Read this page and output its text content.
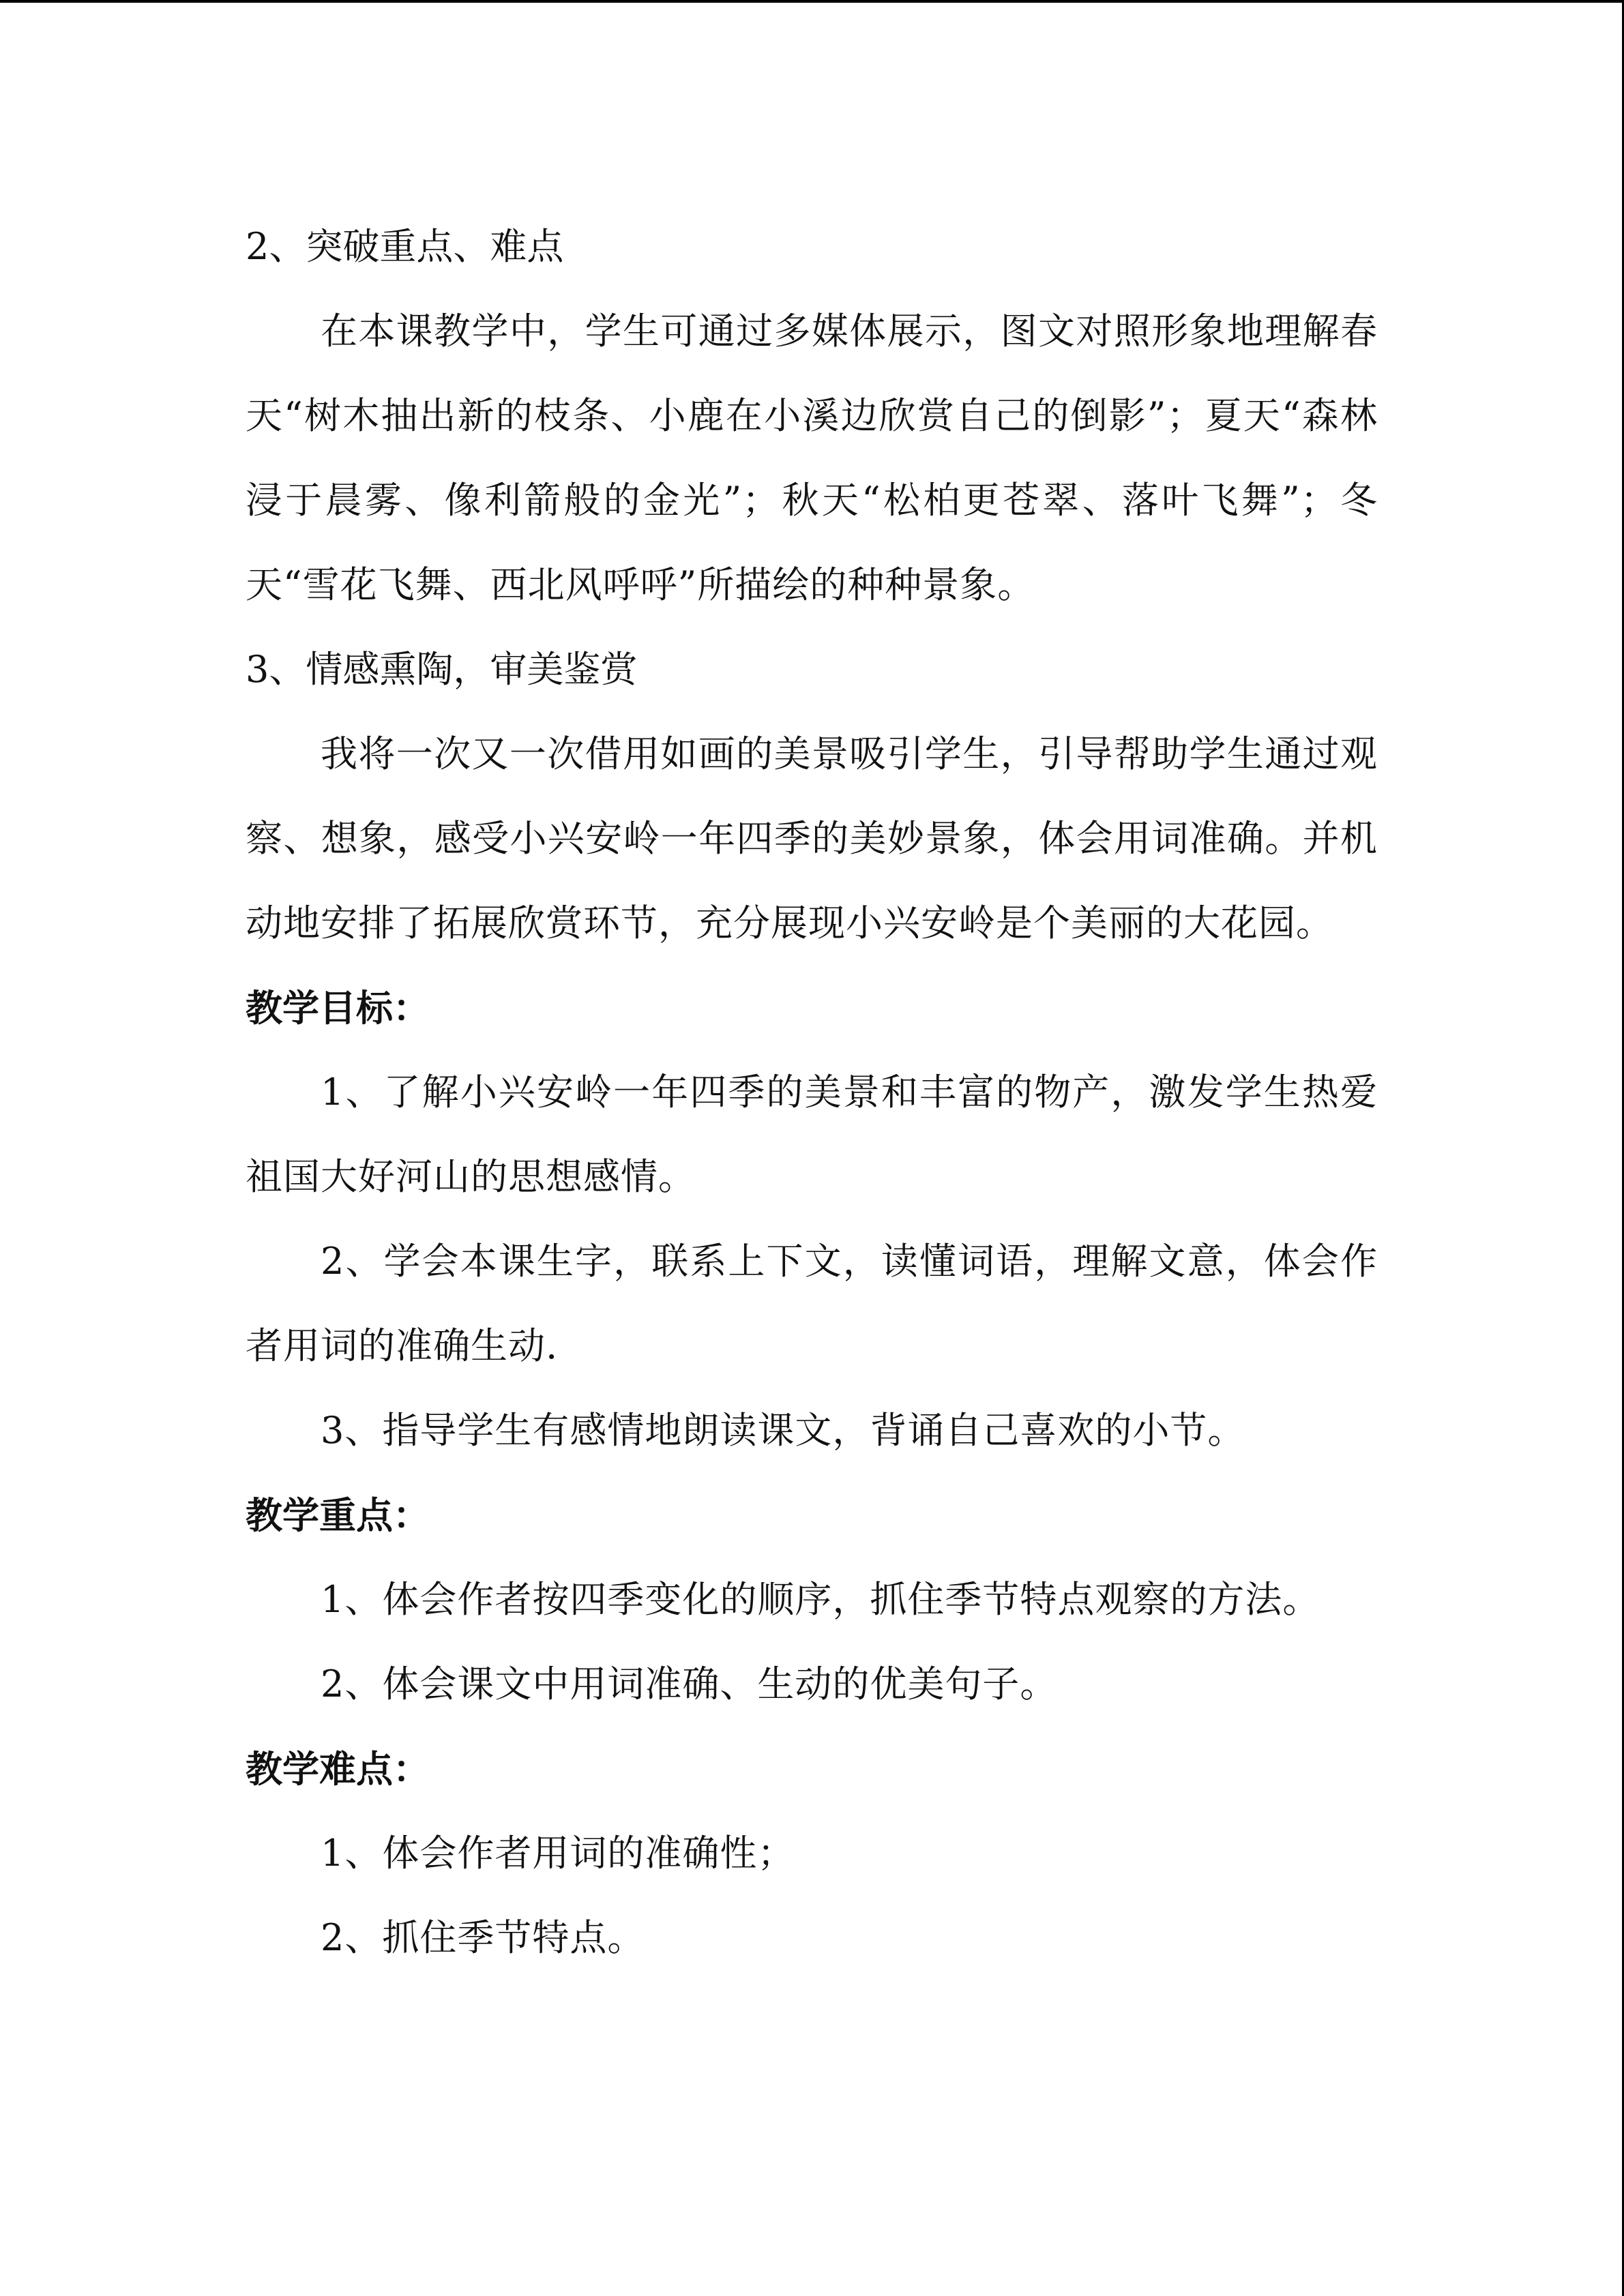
2、突破重点、难点

在本课教学中，学生可通过多媒体展示，图文对照形象地理解春天“树木抽出新的枝条、小鹿在小溪边欣赏自己的倒影”；夏天“森林浸于晨雾、像利箭般的金光”；秋天“松柏更苍翠、落叶飞舞”；冬天“雪花飞舞、西北风呼呼”所描绘的种种景象。

3、情感熏陶，审美鉴赏

我将一次又一次借用如画的美景吸引学生，引导帮助学生通过观察、想象，感受小兴安岭一年四季的美妙景象，体会用词准确。并机动地安排了拓展欣赏环节，充分展现小兴安岭是个美丽的大花园。

教学目标：

1、了解小兴安岭一年四季的美景和丰富的物产，激发学生热爱祖国大好河山的思想感情。

2、学会本课生字，联系上下文，读懂词语，理解文意，体会作者用词的准确生动.

3、指导学生有感情地朗读课文，背诵自己喜欢的小节。

教学重点：

1、体会作者按四季变化的顺序，抓住季节特点观察的方法。

2、体会课文中用词准确、生动的优美句子。

教学难点：

1、体会作者用词的准确性；

2、抓住季节特点。
